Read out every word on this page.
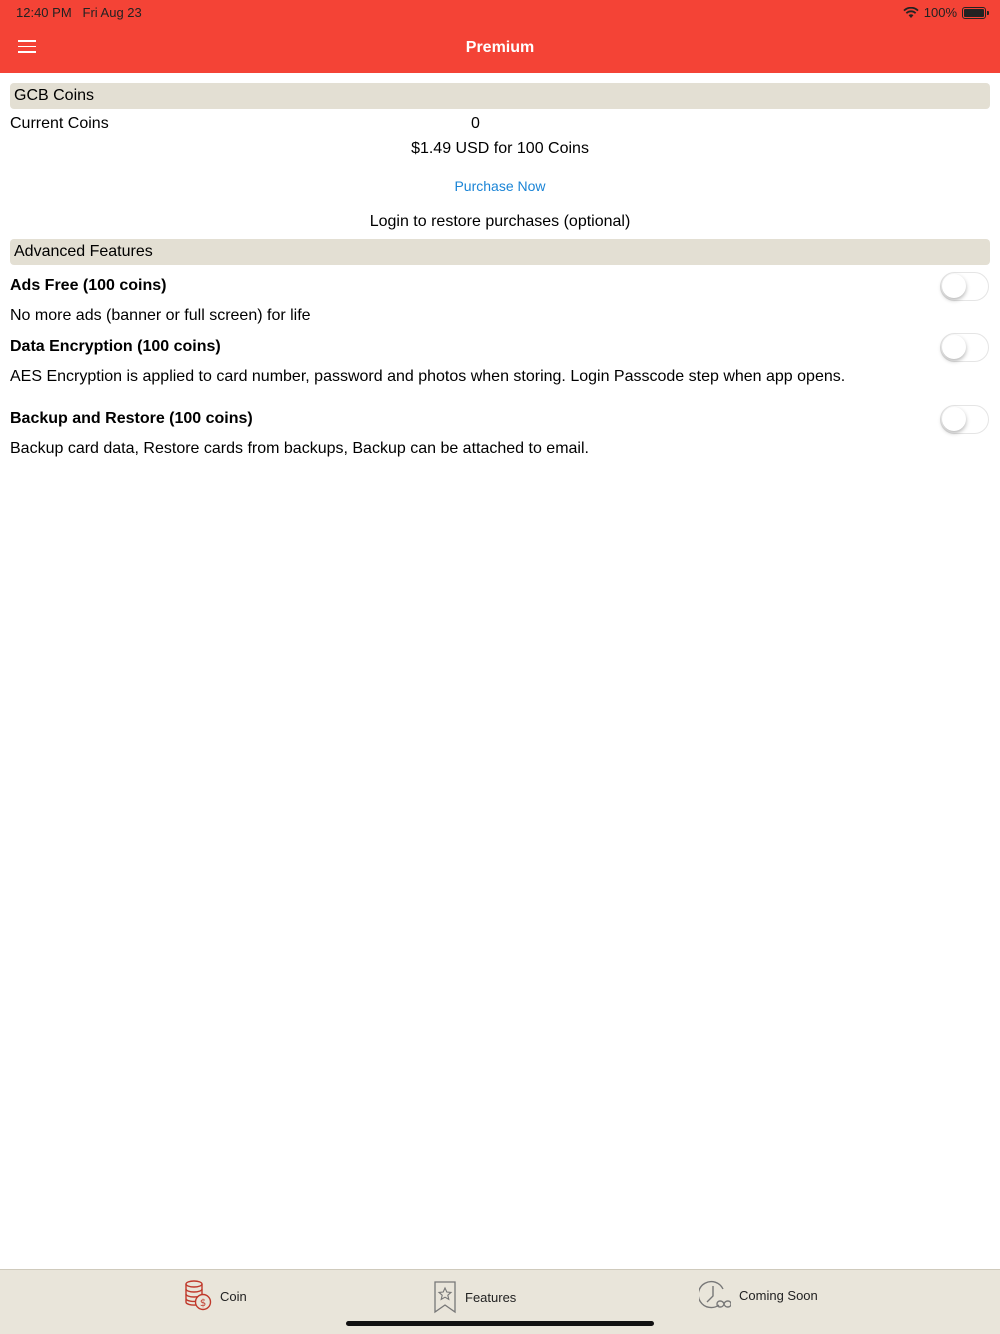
12:40 PM Fri Aug 23	100%
Premium
GCB Coins
Current Coins	0
$1.49 USD for 100 Coins
Purchase Now
Login to restore purchases (optional)
Advanced Features
Ads Free (100 coins)
No more ads (banner or full screen) for life
Data Encryption (100 coins)
AES Encryption is applied to card number, password and photos when storing. Login Passcode step when app opens.
Backup and Restore (100 coins)
Backup card data, Restore cards from backups, Backup can be attached to email.
$ Coin	Features	Coming Soon
